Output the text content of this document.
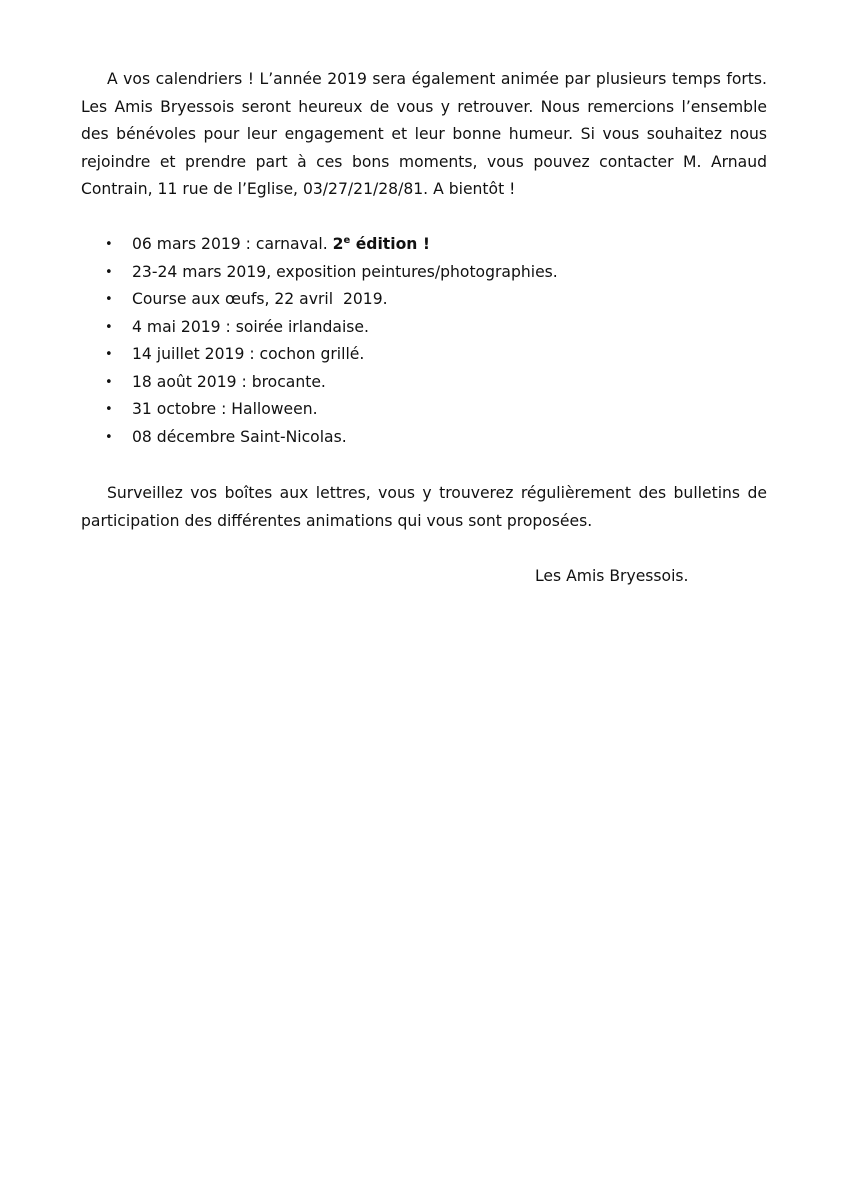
A vos calendriers ! L’année 2019 sera également animée par plusieurs temps forts. Les Amis Bryessois seront heureux de vous y retrouver. Nous remercions l’ensemble des bénévoles pour leur engagement et leur bonne humeur. Si vous souhaitez nous rejoindre et prendre part à ces bons moments, vous pouvez contacter M. Arnaud Contrain, 11 rue de l’Eglise, 03/27/21/28/81. A bientôt !

• 06 mars 2019 : carnaval. 2e édition !
• 23-24 mars 2019, exposition peintures/photographies.
• Course aux œufs, 22 avril  2019.
• 4 mai 2019 : soirée irlandaise.
• 14 juillet 2019 : cochon grillé.
• 18 août 2019 : brocante.
• 31 octobre : Halloween.
• 08 décembre Saint-Nicolas.

Surveillez vos boîtes aux lettres, vous y trouverez régulièrement des bulletins de participation des différentes animations qui vous sont proposées.

Les Amis Bryessois.
